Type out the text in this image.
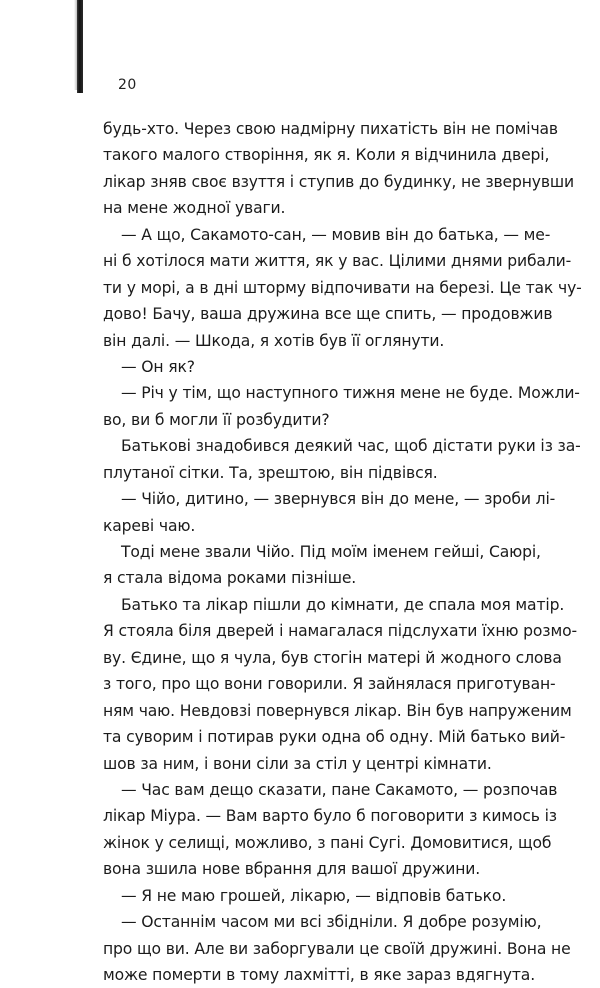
20
будь-хто. Через свою надмірну пихатість він не помічав
такого малого створіння, як я. Коли я відчинила двері,
лікар зняв своє взуття і ступив до будинку, не звернувши
на мене жодної уваги.
— А що, Сакамото-сан, — мовив він до батька, — ме-
ні б хотілося мати життя, як у вас. Цілими днями рибали-
ти у морі, а в дні шторму відпочивати на березі. Це так чу-
дово! Бачу, ваша дружина все ще спить, — продовжив
він далі. — Шкода, я хотів був її оглянути.
— Он як?
— Річ у тім, що наступного тижня мене не буде. Можли-
во, ви б могли її розбудити?
Батькові знадобився деякий час, щоб дістати руки із за-
плутаної сітки. Та, зрештою, він підвівся.
— Чійо, дитино, — звернувся він до мене, — зроби лі-
кареві чаю.
Тоді мене звали Чійо. Під моїм іменем гейші, Саюрі,
я стала відома роками пізніше.
Батько та лікар пішли до кімнати, де спала моя матір.
Я стояла біля дверей і намагалася підслухати їхню розмо-
ву. Єдине, що я чула, був стогін матері й жодного слова
з того, про що вони говорили. Я зайнялася приготуван-
ням чаю. Невдовзі повернувся лікар. Він був напруженим
та суворим і потирав руки одна об одну. Мій батько вий-
шов за ним, і вони сіли за стіл у центрі кімнати.
— Час вам дещо сказати, пане Сакамото, — розпочав
лікар Міура. — Вам варто було б поговорити з кимось із
жінок у селищі, можливо, з пані Сугі. Домовитися, щоб
вона зшила нове вбрання для вашої дружини.
— Я не маю грошей, лікарю, — відповів батько.
— Останнім часом ми всі збідніли. Я добре розумію,
про що ви. Але ви заборгували це своїй дружині. Вона не
може померти в тому лахмітті, в яке зараз вдягнута.
